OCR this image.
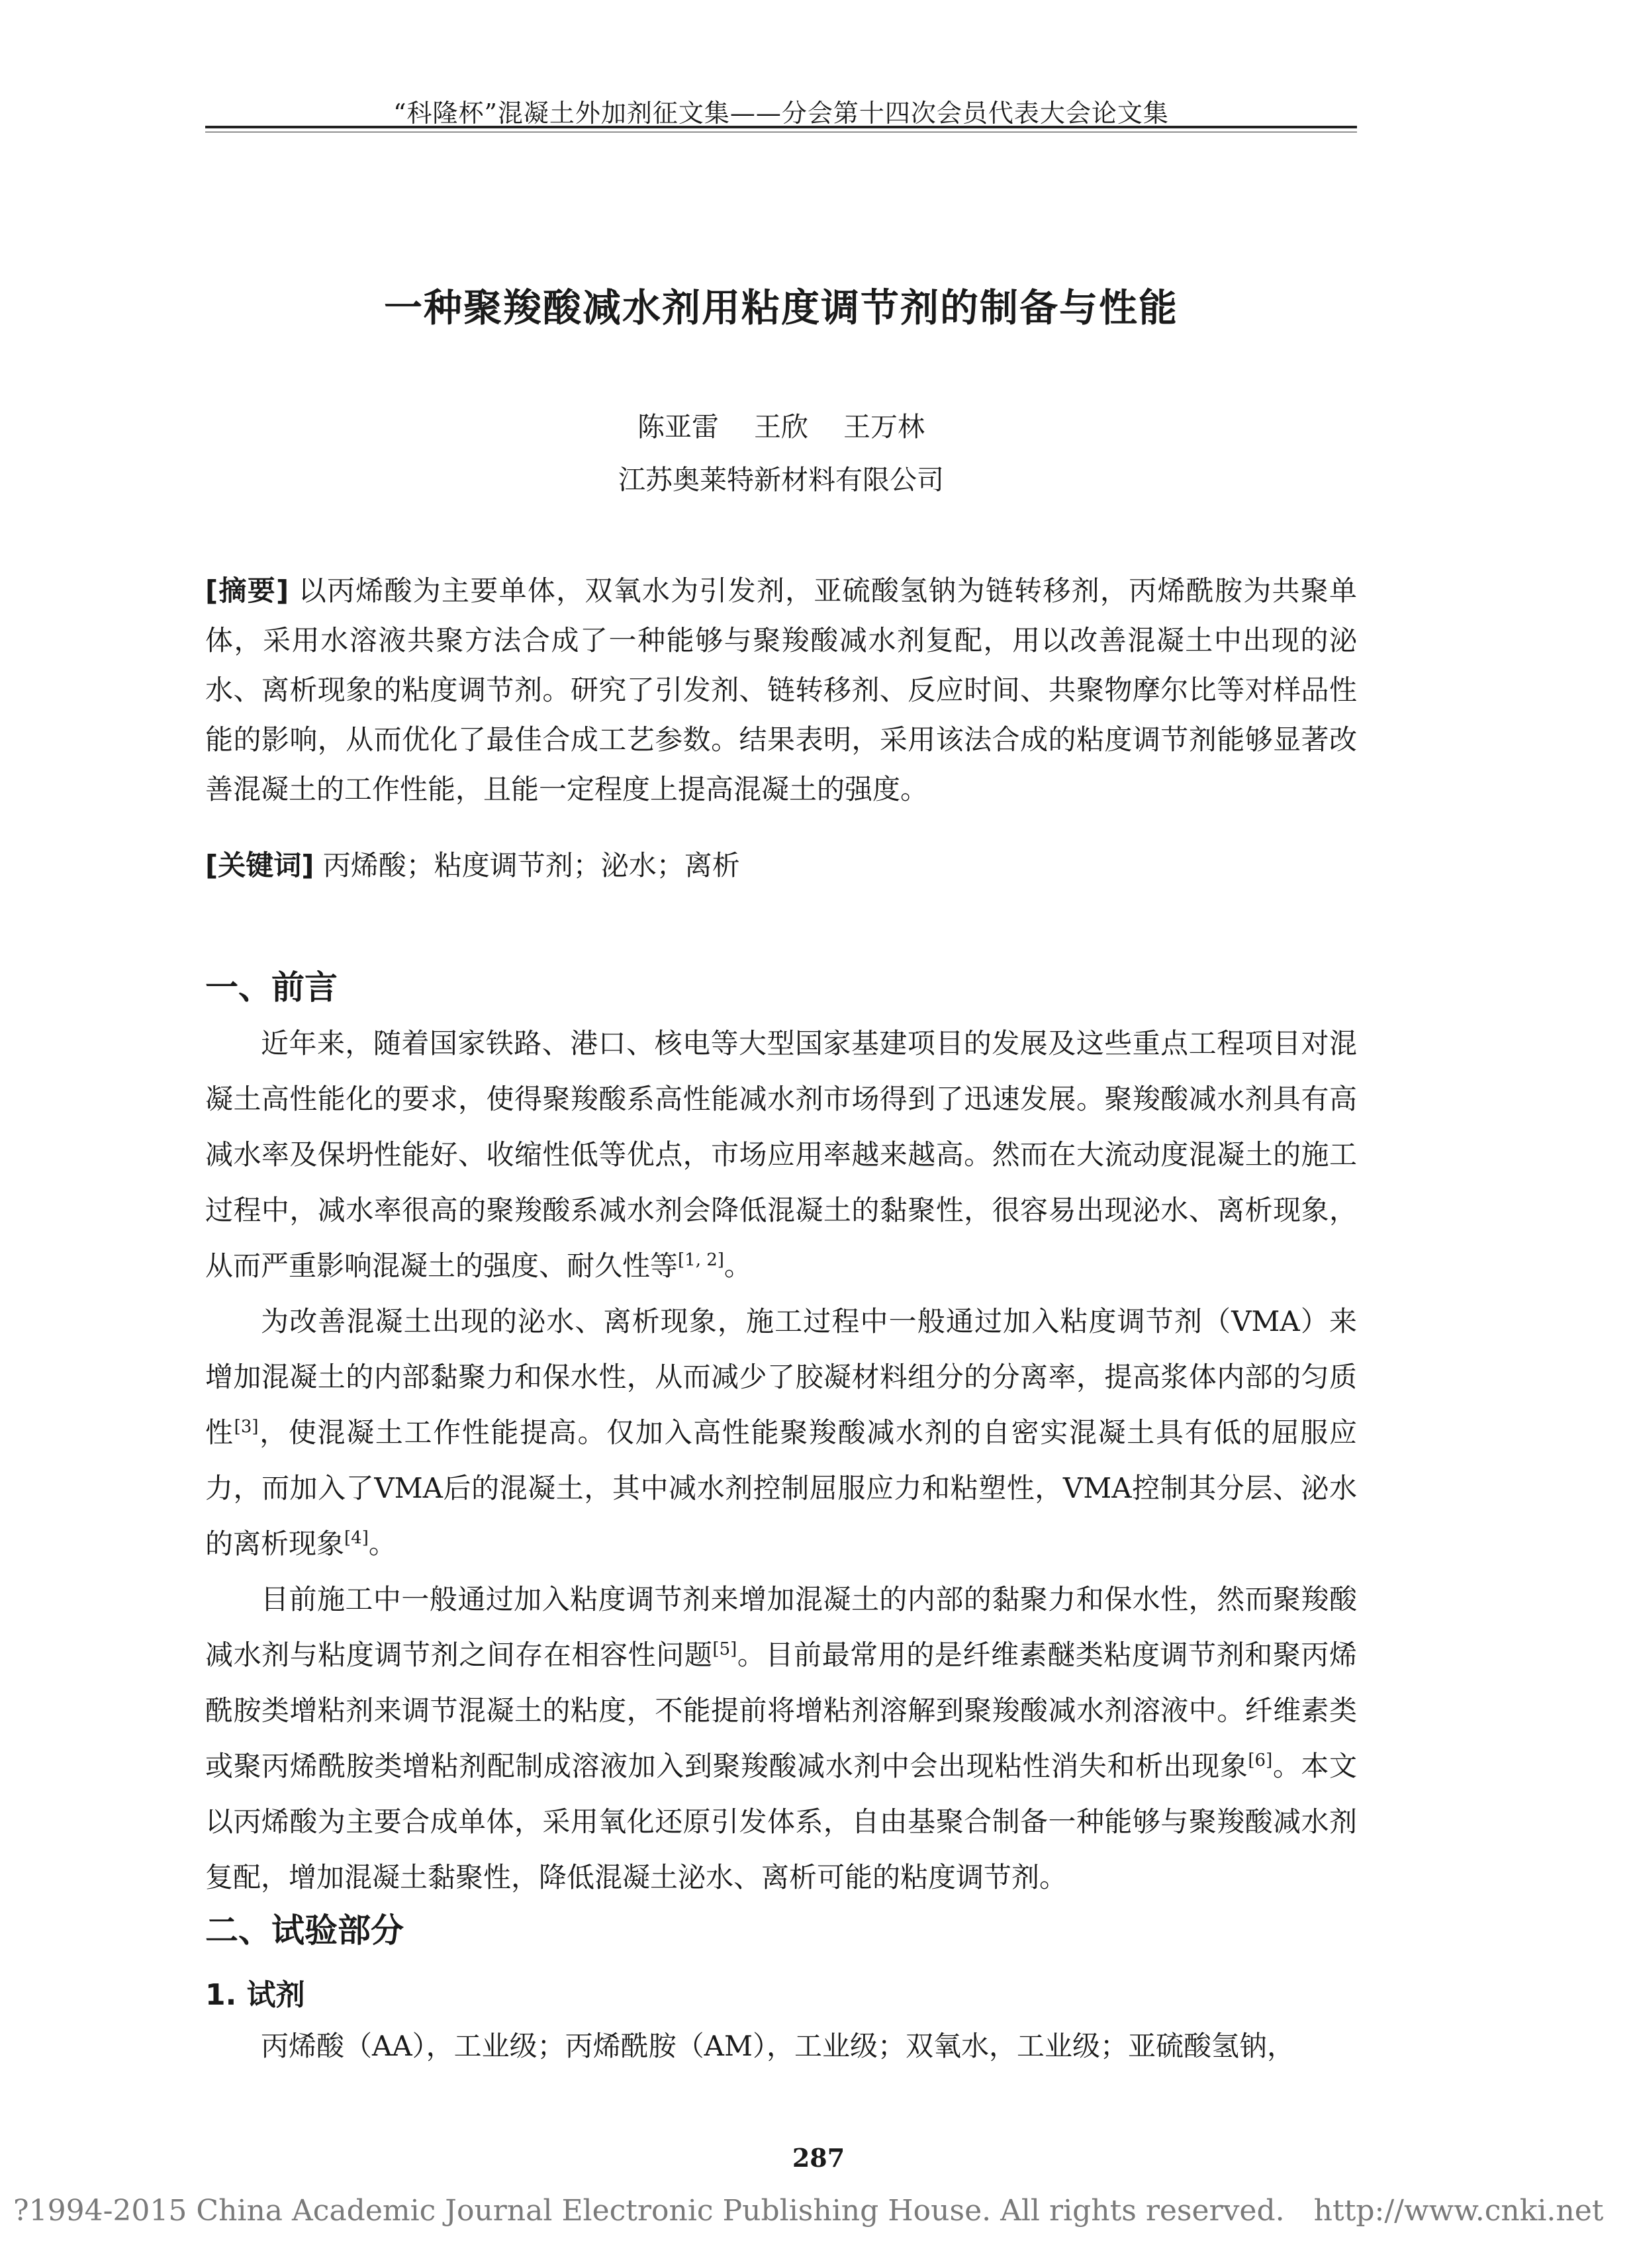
“科隆杯”混凝土外加剂征文集——分会第十四次会员代表大会论文集
一种聚羧酸减水剂用粘度调节剂的制备与性能
陈亚雷 王欣 王万林
江苏奥莱特新材料有限公司
[摘要] 以丙烯酸为主要单体，双氧水为引发剂，亚硫酸氢钠为链转移剂，丙烯酰胺为共聚单体，采用水溶液共聚方法合成了一种能够与聚羧酸减水剂复配，用以改善混凝土中出现的泌水、离析现象的粘度调节剂。研究了引发剂、链转移剂、反应时间、共聚物摩尔比等对样品性能的影响，从而优化了最佳合成工艺参数。结果表明，采用该法合成的粘度调节剂能够显著改善混凝土的工作性能，且能一定程度上提高混凝土的强度。
[关键词] 丙烯酸；粘度调节剂；泌水；离析
一、前言
近年来，随着国家铁路、港口、核电等大型国家基建项目的发展及这些重点工程项目对混凝土高性能化的要求，使得聚羧酸系高性能减水剂市场得到了迅速发展。聚羧酸减水剂具有高减水率及保坍性能好、收缩性低等优点，市场应用率越来越高。然而在大流动度混凝土的施工过程中，减水率很高的聚羧酸系减水剂会降低混凝土的黏聚性，很容易出现泌水、离析现象，从而严重影响混凝土的强度、耐久性等[1, 2]。
为改善混凝土出现的泌水、离析现象，施工过程中一般通过加入粘度调节剂（VMA）来增加混凝土的内部黏聚力和保水性，从而减少了胶凝材料组分的分离率，提高浆体内部的匀质性[3]，使混凝土工作性能提高。仅加入高性能聚羧酸减水剂的自密实混凝土具有低的屈服应力，而加入了VMA后的混凝土，其中减水剂控制屈服应力和粘塑性，VMA控制其分层、泌水的离析现象[4]。
目前施工中一般通过加入粘度调节剂来增加混凝土的内部的黏聚力和保水性，然而聚羧酸减水剂与粘度调节剂之间存在相容性问题[5]。目前最常用的是纤维素醚类粘度调节剂和聚丙烯酰胺类增粘剂来调节混凝土的粘度，不能提前将增粘剂溶解到聚羧酸减水剂溶液中。纤维素类或聚丙烯酰胺类增粘剂配制成溶液加入到聚羧酸减水剂中会出现粘性消失和析出现象[6]。本文以丙烯酸为主要合成单体，采用氧化还原引发体系，自由基聚合制备一种能够与聚羧酸减水剂复配，增加混凝土黏聚性，降低混凝土泌水、离析可能的粘度调节剂。
二、试验部分
1. 试剂
丙烯酸（AA），工业级；丙烯酰胺（AM），工业级；双氧水，工业级；亚硫酸氢钠，
287
?1994-2015 China Academic Journal Electronic Publishing House. All rights reserved. http://www.cnki.net
